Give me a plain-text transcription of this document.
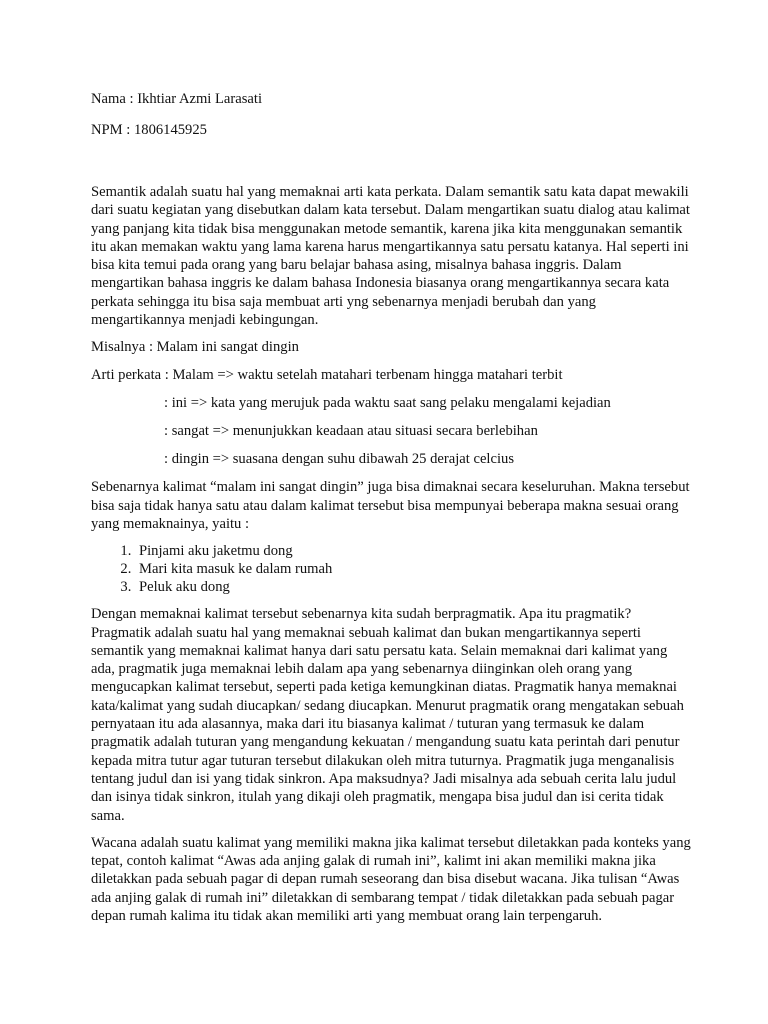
Nama : Ikhtiar Azmi Larasati

NPM : 1806145925

Semantik adalah suatu hal yang memaknai arti kata perkata. Dalam semantik satu kata dapat mewakili dari suatu kegiatan yang disebutkan dalam kata tersebut. Dalam mengartikan suatu dialog atau kalimat yang panjang kita tidak bisa menggunakan metode semantik, karena jika kita menggunakan semantik itu akan memakan waktu yang lama karena harus mengartikannya satu persatu katanya. Hal seperti ini bisa kita temui pada orang yang baru belajar bahasa asing, misalnya bahasa inggris. Dalam mengartikan bahasa inggris ke dalam bahasa Indonesia biasanya orang mengartikannya secara kata perkata sehingga itu bisa saja membuat arti yng sebenarnya menjadi berubah dan yang mengartikannya menjadi kebingungan.

Misalnya : Malam ini sangat dingin

Arti perkata : Malam => waktu setelah matahari terbenam hingga matahari terbit

: ini => kata yang merujuk pada waktu saat sang pelaku mengalami kejadian

: sangat => menunjukkan keadaan atau situasi secara berlebihan

: dingin => suasana dengan suhu dibawah 25 derajat celcius

Sebenarnya kalimat “malam ini sangat dingin” juga bisa dimaknai secara keseluruhan. Makna tersebut bisa saja tidak hanya satu atau dalam kalimat tersebut bisa mempunyai beberapa makna sesuai orang yang memaknainya, yaitu :

1. Pinjami aku jaketmu dong
2. Mari kita masuk ke dalam rumah
3. Peluk aku dong

Dengan memaknai kalimat tersebut sebenarnya kita sudah berpragmatik. Apa itu pragmatik? Pragmatik adalah suatu hal yang memaknai sebuah kalimat dan bukan mengartikannya seperti semantik yang memaknai kalimat hanya dari satu persatu kata. Selain memaknai dari kalimat yang ada, pragmatik juga memaknai lebih dalam apa yang sebenarnya diinginkan oleh orang yang mengucapkan kalimat tersebut, seperti pada ketiga kemungkinan diatas. Pragmatik hanya memaknai kata/kalimat yang sudah diucapkan/ sedang diucapkan. Menurut pragmatik orang mengatakan sebuah pernyataan itu ada alasannya, maka dari itu biasanya kalimat / tuturan yang termasuk ke dalam pragmatik adalah tuturan yang mengandung kekuatan / mengandung suatu kata perintah dari penutur kepada mitra tutur agar tuturan tersebut dilakukan oleh mitra tuturnya. Pragmatik juga menganalisis tentang judul dan isi yang tidak sinkron. Apa maksudnya? Jadi misalnya ada sebuah cerita lalu judul dan isinya tidak sinkron, itulah yang dikaji oleh pragmatik, mengapa bisa judul dan isi cerita tidak sama.

Wacana adalah suatu kalimat yang memiliki makna jika kalimat tersebut diletakkan pada konteks yang tepat, contoh kalimat “Awas ada anjing galak di rumah ini”, kalimt ini akan memiliki makna jika diletakkan pada sebuah pagar di depan rumah seseorang dan bisa disebut wacana. Jika tulisan “Awas ada anjing galak di rumah ini” diletakkan di sembarang tempat / tidak diletakkan pada sebuah pagar depan rumah kalima itu tidak akan memiliki arti yang membuat orang lain terpengaruh.
